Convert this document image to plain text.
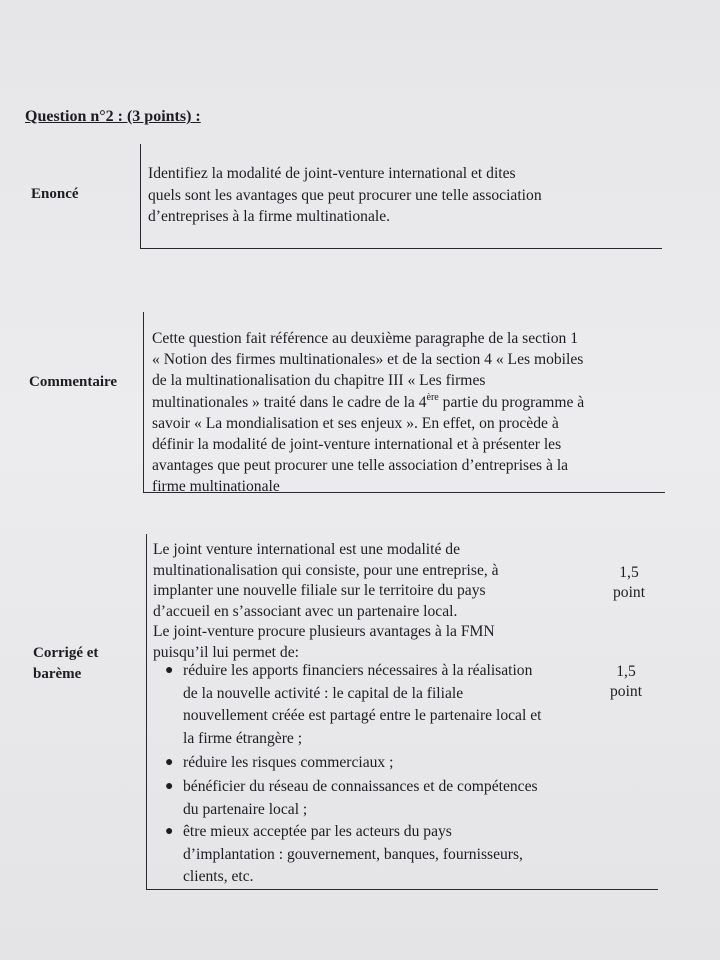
Question n°2 : (3 points) :
Enoncé
Identifiez la modalité de joint-venture international et dites
quels sont les avantages que peut procurer une telle association
d’entreprises à la firme multinationale.
Commentaire
Cette question fait référence au deuxième paragraphe de la section 1
« Notion des firmes multinationales» et de la section 4 « Les mobiles
de la multinationalisation du chapitre III « Les firmes
multinationales » traité dans le cadre de la 4ère partie du programme à
savoir « La mondialisation et ses enjeux ». En effet, on procède à
définir la modalité de joint-venture international et à présenter les
avantages que peut procurer une telle association d’entreprises à la
firme multinationale
Corrigé et
barème
Le joint venture international est une modalité de
multinationalisation qui consiste, pour une entreprise, à
implanter une nouvelle filiale sur le territoire du pays
d’accueil en s’associant avec un partenaire local.
Le joint-venture procure plusieurs avantages à la FMN
puisqu’il lui permet de:
● réduire les apports financiers nécessaires à la réalisation
de la nouvelle activité : le capital de la filiale
nouvellement créée est partagé entre le partenaire local et
la firme étrangère ;
● réduire les risques commerciaux ;
● bénéficier du réseau de connaissances et de compétences
du partenaire local ;
● être mieux acceptée par les acteurs du pays
d’implantation : gouvernement, banques, fournisseurs,
clients, etc.
1,5
point
1,5
point
